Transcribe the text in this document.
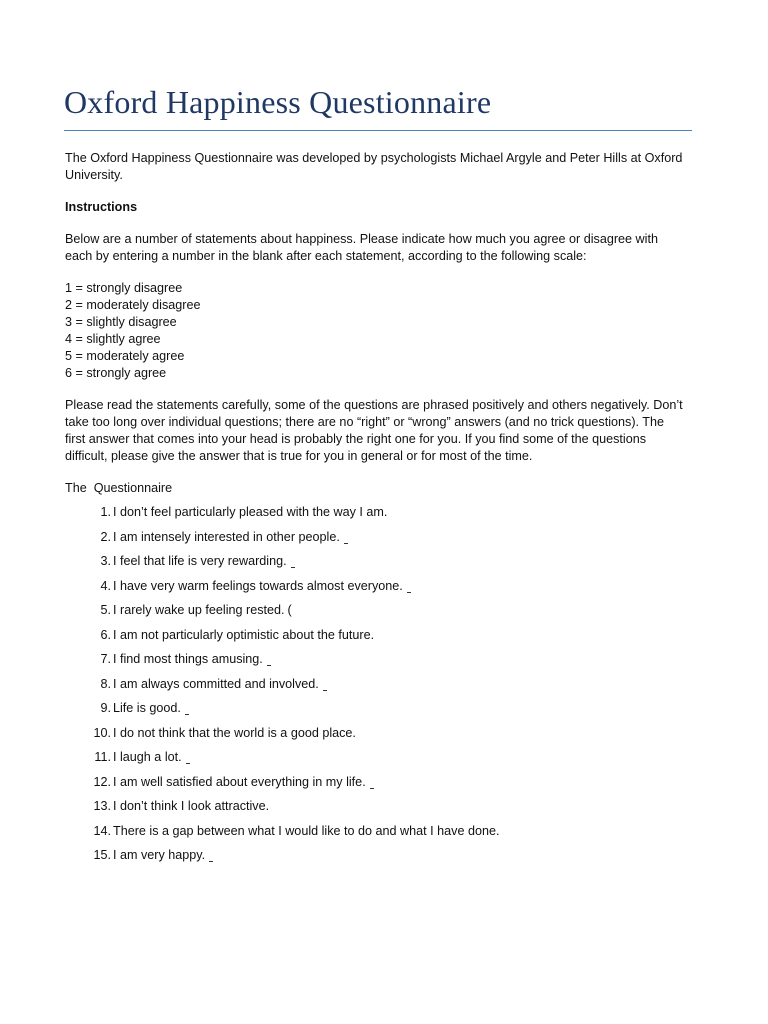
Oxford Happiness Questionnaire

The Oxford Happiness Questionnaire was developed by psychologists Michael Argyle and Peter Hills at Oxford University.

Instructions

Below are a number of statements about happiness. Please indicate how much you agree or disagree with each by entering a number in the blank after each statement, according to the following scale:

1 = strongly disagree
2 = moderately disagree
3 = slightly disagree
4 = slightly agree
5 = moderately agree
6 = strongly agree

Please read the statements carefully, some of the questions are phrased positively and others negatively. Don’t take too long over individual questions; there are no “right” or “wrong” answers (and no trick questions). The first answer that comes into your head is probably the right one for you. If you find some of the questions difficult, please give the answer that is true for you in general or for most of the time.

The  Questionnaire
1. I don’t feel particularly pleased with the way I am.
2. I am intensely interested in other people.
3. I feel that life is very rewarding.
4. I have very warm feelings towards almost everyone.
5. I rarely wake up feeling rested. (
6. I am not particularly optimistic about the future.
7. I find most things amusing.
8. I am always committed and involved.
9. Life is good.
10. I do not think that the world is a good place.
11. I laugh a lot.
12. I am well satisfied about everything in my life.
13. I don’t think I look attractive.
14. There is a gap between what I would like to do and what I have done.
15. I am very happy.
